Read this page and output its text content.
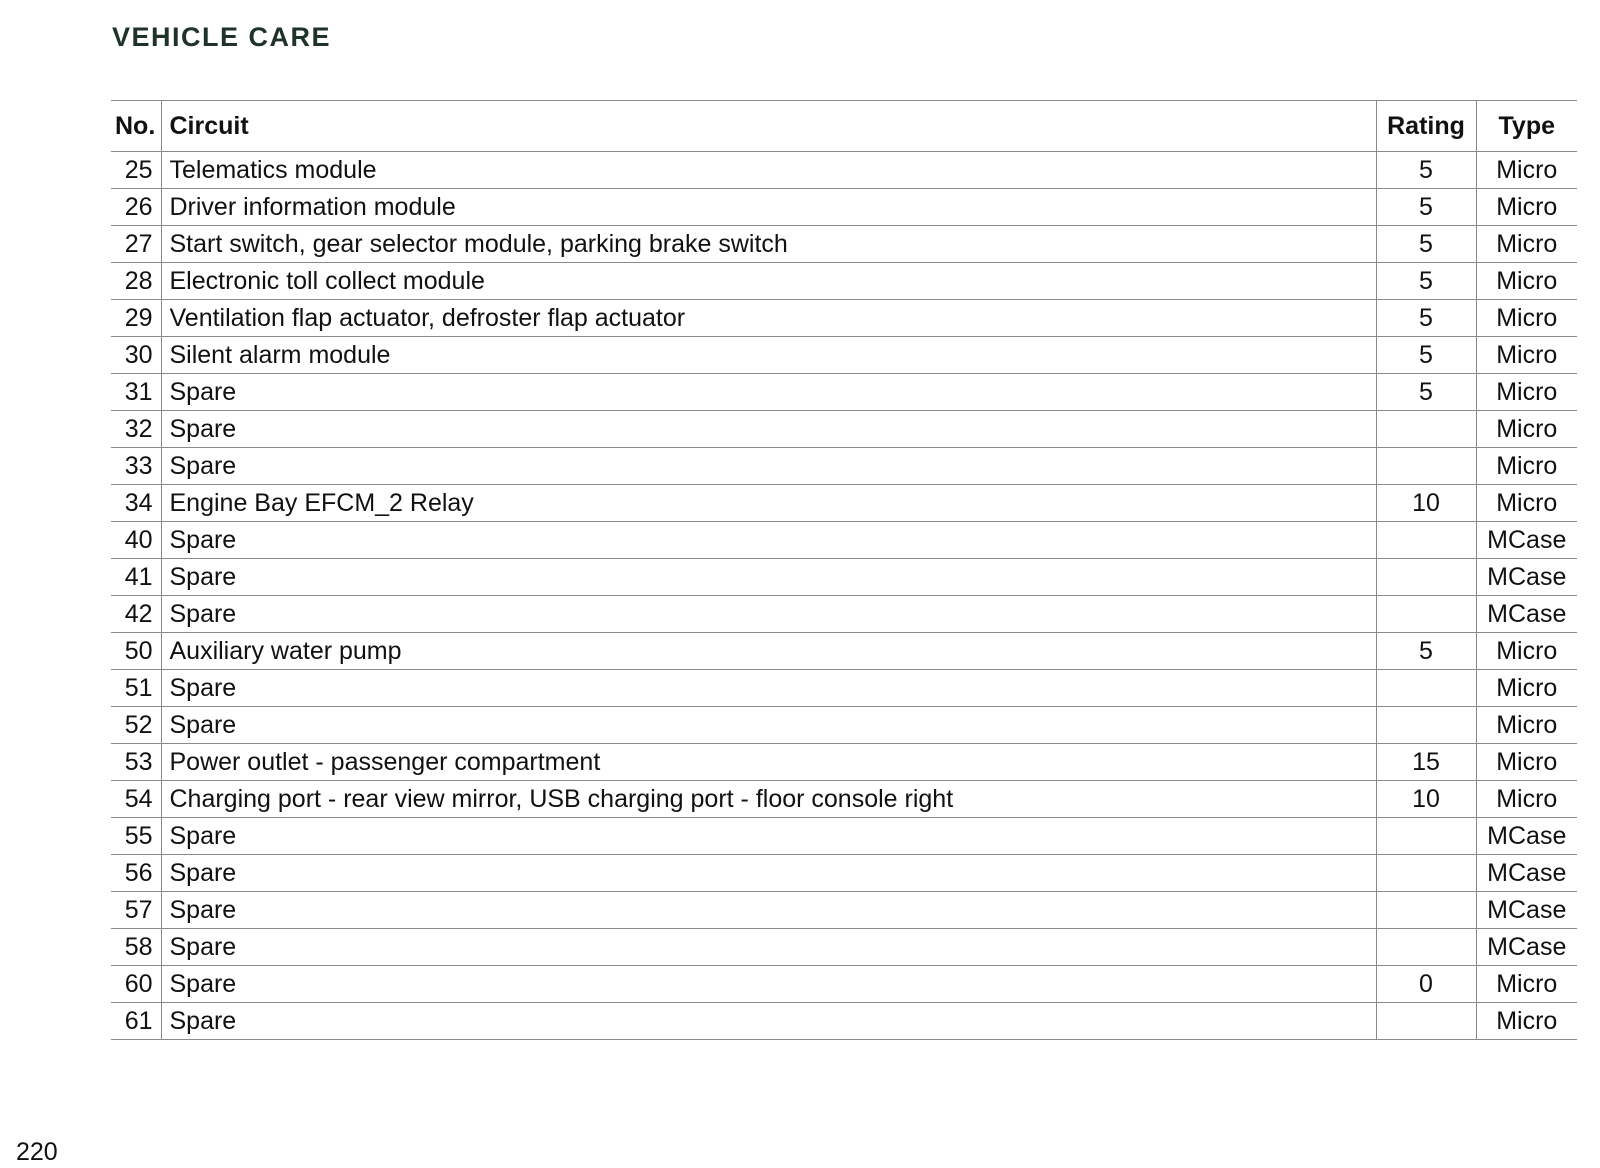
VEHICLE CARE
No.	Circuit	Rating	Type
25	Telematics module	5	Micro
26	Driver information module	5	Micro
27	Start switch, gear selector module, parking brake switch	5	Micro
28	Electronic toll collect module	5	Micro
29	Ventilation flap actuator, defroster flap actuator	5	Micro
30	Silent alarm module	5	Micro
31	Spare	5	Micro
32	Spare		Micro
33	Spare		Micro
34	Engine Bay EFCM_2 Relay	10	Micro
40	Spare		MCase
41	Spare		MCase
42	Spare		MCase
50	Auxiliary water pump	5	Micro
51	Spare		Micro
52	Spare		Micro
53	Power outlet - passenger compartment	15	Micro
54	Charging port - rear view mirror, USB charging port - floor console right	10	Micro
55	Spare		MCase
56	Spare		MCase
57	Spare		MCase
58	Spare		MCase
60	Spare	0	Micro
61	Spare		Micro
220
